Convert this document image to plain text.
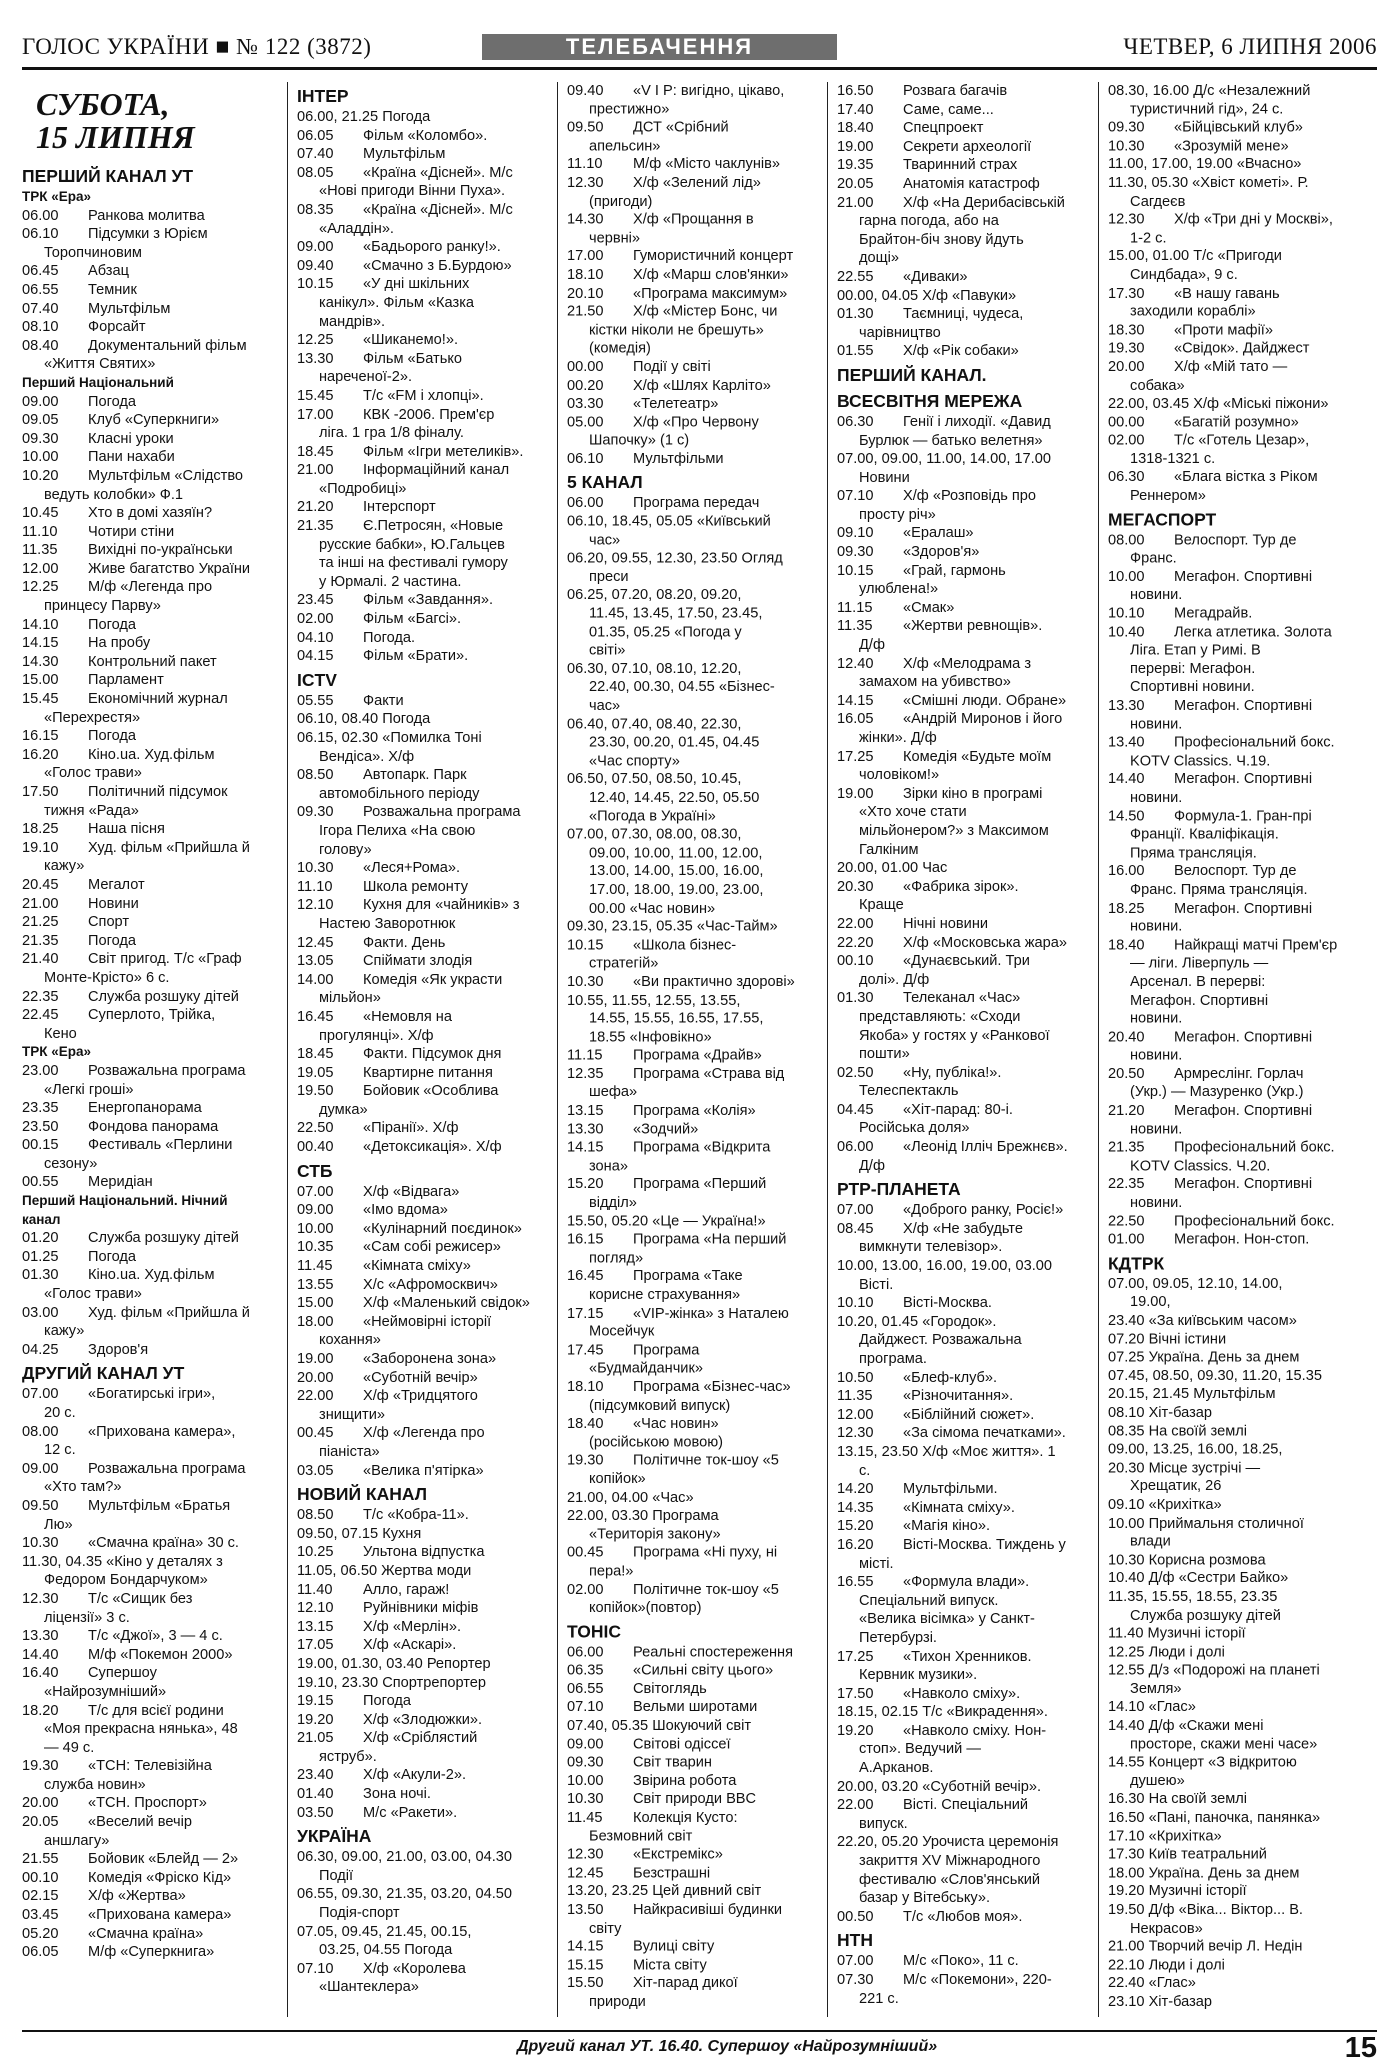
ГОЛОС УКРАЇНИ ■ № 122 (3872)	ТЕЛЕБАЧЕННЯ	ЧЕТВЕР, 6 ЛИПНЯ 2006
СУБОТА,
15 ЛИПНЯ
ПЕРШИЙ КАНАЛ УТ
ТРК «Ера»
06.00	Ранкова молитва
06.10	Підсумки з Юрієм
Торопчиновим
06.45	Абзац
06.55	Темник
07.40	Мультфільм
08.10	Форсайт
08.40	Документальний фільм
«Життя Святих»
Перший Національний
09.00	Погода
09.05	Клуб «Суперкниги»
09.30	Класні уроки
10.00	Пани нахаби
10.20	Мультфільм «Слідство
ведуть колобки» Ф.1
10.45	Хто в домі хазяїн?
11.10	Чотири стіни
11.35	Вихідні по-українськи
12.00	Живе багатство України
12.25	М/ф «Легенда про
принцесу Парву»
14.10	Погода
14.15	На пробу
14.30	Контрольний пакет
15.00	Парламент
15.45	Економічний журнал
«Перехрестя»
16.15	Погода
16.20	Кіно.ua. Худ.фільм
«Голос трави»
17.50	Політичний підсумок
тижня «Рада»
18.25	Наша пісня
19.10	Худ. фільм «Прийшла й
кажу»
20.45	Мегалот
21.00	Новини
21.25	Спорт
21.35	Погода
21.40	Світ пригод. Т/с «Граф
Монте-Крісто» 6 с.
22.35	Служба розшуку дітей
22.45	Суперлото, Трійка,
Кено
ТРК «Ера»
23.00	Розважальна програма
«Легкі гроші»
23.35	Енергопанорама
23.50	Фондова панорама
00.15	Фестиваль «Перлини
сезону»
00.55	Меридіан
Перший Національний. Нічний
канал
01.20	Служба розшуку дітей
01.25	Погода
01.30	Кіно.ua. Худ.фільм
«Голос трави»
03.00	Худ. фільм «Прийшла й
кажу»
04.25	Здоров'я
ДРУГИЙ КАНАЛ УТ
07.00	«Богатирські ігри»,
20 с.
08.00	«Прихована камера»,
12 с.
09.00	Розважальна програма
«Хто там?»
09.50	Мультфільм «Братья
Лю»
10.30	«Смачна країна» 30 с.
11.30, 04.35 «Кіно у деталях з
Федором Бондарчуком»
12.30	Т/с «Сищик без
ліцензії» 3 с.
13.30	Т/с «Джої», 3 — 4 с.
14.40	М/ф «Покемон 2000»
16.40	Супершоу
«Найрозумніший»
18.20	Т/с для всієї родини
«Моя прекрасна нянька», 48
— 49 с.
19.30	«ТСН: Телевізійна
служба новин»
20.00	«ТСН. Проспорт»
20.05	«Веселий вечір
аншлагу»
21.55	Бойовик «Блейд — 2»
00.10	Комедія «Фріско Кід»
02.15	Х/ф «Жертва»
03.45	«Прихована камера»
05.20	«Смачна країна»
06.05	М/ф «Суперкнига»
ІНТЕР
06.00, 21.25 Погода
06.05	Фільм «Коломбо».
07.40	Мультфільм
08.05	«Країна «Дісней». М/с
«Нові пригоди Вінни Пуха».
08.35	«Країна «Дісней». М/с
«Аладдін».
09.00	«Бадьорого ранку!».
09.40	«Смачно з Б.Бурдою»
10.15	«У дні шкільних
канікул». Фільм «Казка
мандрів».
12.25	«Шиканемо!».
13.30	Фільм «Батько
нареченої-2».
15.45	Т/с «FM і хлопці».
17.00	КВК -2006. Прем'єр
ліга. 1 гра 1/8 фіналу.
18.45	Фільм «Ігри метеликів».
21.00	Інформаційний канал
«Подробиці»
21.20	Інтерспорт
21.35	Є.Петросян, «Новые
русские бабки», Ю.Гальцев
та інші на фестивалі гумору
у Юрмалі. 2 частина.
23.45	Фільм «Завдання».
02.00	Фільм «Багсі».
04.10	Погода.
04.15	Фільм «Брати».
ICTV
05.55	Факти
06.10, 08.40 Погода
06.15, 02.30 «Помилка Тоні
Вендіса». Х/ф
08.50	Автопарк. Парк
автомобільного періоду
09.30	Розважальна програма
Ігора Пелиха «На свою
голову»
10.30	«Леся+Рома».
11.10	Школа ремонту
12.10	Кухня для «чайників» з
Настею Заворотнюк
12.45	Факти. День
13.05	Спіймати злодія
14.00	Комедія «Як украсти
мільйон»
16.45	«Немовля на
прогулянці». Х/ф
18.45	Факти. Підсумок дня
19.05	Квартирне питання
19.50	Бойовик «Особлива
думка»
22.50	«Піранії». Х/ф
00.40	«Детоксикація». Х/ф
СТБ
07.00	Х/ф «Відвага»
09.00	«Імо вдома»
10.00	«Кулінарний поєдинок»
10.35	«Сам собі режисер»
11.45	«Кімната сміху»
13.55	Х/с «Афромосквич»
15.00	Х/ф «Маленький свідок»
18.00	«Неймовірні історії
кохання»
19.00	«Заборонена зона»
20.00	«Суботній вечір»
22.00	Х/ф «Тридцятого
знищити»
00.45	Х/ф «Легенда про
піаніста»
03.05	«Велика п'ятірка»
НОВИЙ КАНАЛ
08.50	Т/с «Кобра-11».
09.50, 07.15 Кухня
10.25	Ультона відпустка
11.05, 06.50 Жертва моди
11.40	Алло, гараж!
12.10	Руйнівники міфів
13.15	Х/ф «Мерлін».
17.05	Х/ф «Аскарі».
19.00, 01.30, 03.40 Репортер
19.10, 23.30 Спортрепортер
19.15	Погода
19.20	Х/ф «Злодюжки».
21.05	Х/ф «Сріблястий
яструб».
23.40	Х/ф «Акули-2».
01.40	Зона ночі.
03.50	М/с «Ракети».
УКРАЇНА
06.30, 09.00, 21.00, 03.00, 04.30
Події
06.55, 09.30, 21.35, 03.20, 04.50
Подія-спорт
07.05, 09.45, 21.45, 00.15,
03.25, 04.55 Погода
07.10	Х/ф «Королева
«Шантеклера»
09.40	«V I P: вигідно, цікаво,
престижно»
09.50	ДСТ «Срібний
апельсин»
11.10	М/ф «Місто чаклунів»
12.30	Х/ф «Зелений лід»
(пригоди)
14.30	Х/ф «Прощання в
червні»
17.00	Гумористичний концерт
18.10	Х/ф «Марш слов'янки»
20.10	«Програма максимум»
21.50	Х/ф «Містер Бонс, чи
кістки ніколи не брешуть»
(комедія)
00.00	Події у світі
00.20	Х/ф «Шлях Карліто»
03.30	«Телетеатр»
05.00	Х/ф «Про Червону
Шапочку» (1 с)
06.10	Мультфільми
5 КАНАЛ
06.00	Програма передач
06.10, 18.45, 05.05 «Київський
час»
06.20, 09.55, 12.30, 23.50 Огляд
преси
06.25, 07.20, 08.20, 09.20,
11.45, 13.45, 17.50, 23.45,
01.35, 05.25 «Погода у
світі»
06.30, 07.10, 08.10, 12.20,
22.40, 00.30, 04.55 «Бізнес-
час»
06.40, 07.40, 08.40, 22.30,
23.30, 00.20, 01.45, 04.45
«Час спорту»
06.50, 07.50, 08.50, 10.45,
12.40, 14.45, 22.50, 05.50
«Погода в Україні»
07.00, 07.30, 08.00, 08.30,
09.00, 10.00, 11.00, 12.00,
13.00, 14.00, 15.00, 16.00,
17.00, 18.00, 19.00, 23.00,
00.00 «Час новин»
09.30, 23.15, 05.35 «Час-Тайм»
10.15	«Школа бізнес-
стратегій»
10.30	«Ви практично здорові»
10.55, 11.55, 12.55, 13.55,
14.55, 15.55, 16.55, 17.55,
18.55 «Інфовікно»
11.15	Програма «Драйв»
12.35	Програма «Страва від
шефа»
13.15	Програма «Колія»
13.30	«Зодчий»
14.15	Програма «Відкрита
зона»
15.20	Програма «Перший
відділ»
15.50, 05.20 «Це — Україна!»
16.15	Програма «На перший
погляд»
16.45	Програма «Таке
корисне страхування»
17.15	«VIP-жінка» з Наталею
Мосейчук
17.45	Програма
«Будмайданчик»
18.10	Програма «Бізнес-час»
(підсумковий випуск)
18.40	«Час новин»
(російською мовою)
19.30	Політичне ток-шоу «5
копійок»
21.00, 04.00 «Час»
22.00, 03.30 Програма
«Територія закону»
00.45	Програма «Ні пуху, ні
пера!»
02.00	Політичне ток-шоу «5
копійок»(повтор)
ТОНІС
06.00	Реальні спостереження
06.35	«Сильні світу цього»
06.55	Світоглядь
07.10	Вельми широтами
07.40, 05.35 Шокуючий світ
09.00	Світові одіссеї
09.30	Світ тварин
10.00	Звірина робота
10.30	Світ природи BBC
11.45	Колекція Кусто:
Безмовний світ
12.30	«Екстремікс»
12.45	Безстрашні
13.20, 23.25 Цей дивний світ
13.50	Найкрасивіші будинки
світу
14.15	Вулиці світу
15.15	Міста світу
15.50	Хіт-парад дикої
природи
16.50	Розвага багачів
17.40	Саме, саме...
18.40	Спецпроект
19.00	Секрети археології
19.35	Тваринний страх
20.05	Анатомія катастроф
21.00	Х/ф «На Дерибасівській
гарна погода, або на
Брайтон-біч знову йдуть
дощі»
22.55	«Диваки»
00.00, 04.05 Х/ф «Павуки»
01.30	Таємниці, чудеса,
чарівництво
01.55	Х/ф «Рік собаки»
ПЕРШИЙ КАНАЛ.
ВСЕСВІТНЯ МЕРЕЖА
06.30	Генії і лиходії. «Давид
Бурлюк — батько велетня»
07.00, 09.00, 11.00, 14.00, 17.00
Новини
07.10	Х/ф «Розповідь про
просту річ»
09.10	«Ералаш»
09.30	«Здоров'я»
10.15	«Грай, гармонь
улюблена!»
11.15	«Смак»
11.35	«Жертви ревнощів».
Д/ф
12.40	Х/ф «Мелодрама з
замахом на убивство»
14.15	«Смішні люди. Обране»
16.05	«Андрій Миронов і його
жінки». Д/ф
17.25	Комедія «Будьте моїм
чоловіком!»
19.00	Зірки кіно в програмі
«Хто хоче стати
мільйонером?» з Максимом
Галкіним
20.00, 01.00 Час
20.30	«Фабрика зірок».
Краще
22.00	Нічні новини
22.20	Х/ф «Московська жара»
00.10	«Дунаєвський. Три
долі». Д/ф
01.30	Телеканал «Час»
представляють: «Сходи
Якоба» у гостях у «Ранкової
пошти»
02.50	«Ну, публіка!».
Телеспектакль
04.45	«Хіт-парад: 80-і.
Російська доля»
06.00	«Леонід Ілліч Брежнєв».
Д/ф
РТР-ПЛАНЕТА
07.00	«Доброго ранку, Росіє!»
08.45	Х/ф «Не забудьте
вимкнути телевізор».
10.00, 13.00, 16.00, 19.00, 03.00
Вісті.
10.10	Вісті-Москва.
10.20, 01.45 «Городок».
Дайджест. Розважальна
програма.
10.50	«Блеф-клуб».
11.35	«Різночитання».
12.00	«Біблійний сюжет».
12.30	«За сімома печатками».
13.15, 23.50 Х/ф «Моє життя». 1
с.
14.20	Мультфільми.
14.35	«Кімната сміху».
15.20	«Магія кіно».
16.20	Вісті-Москва. Тиждень у
місті.
16.55	«Формула влади».
Спеціальний випуск.
«Велика вісімка» у Санкт-
Петербурзі.
17.25	«Тихон Хренников.
Кервник музики».
17.50	«Навколо сміху».
18.15, 02.15 Т/с «Викрадення».
19.20	«Навколо сміху. Нон-
стоп». Ведучий —
А.Арканов.
20.00, 03.20 «Суботній вечір».
22.00	Вісті. Спеціальний
випуск.
22.20, 05.20 Урочиста церемонія
закриття XV Міжнародного
фестивалю «Слов'янський
базар у Вітебську».
00.50	Т/с «Любов моя».
НТН
07.00	М/с «Поко», 11 с.
07.30	М/с «Покемони», 220-
221 с.
08.30, 16.00 Д/с «Незалежний
туристичний гід», 24 с.
09.30	«Бійцівський клуб»
10.30	«Зрозумій мене»
11.00, 17.00, 19.00 «Вчасно»
11.30, 05.30 «Хвіст кометі». Р.
Сагдеєв
12.30	Х/ф «Три дні у Москві»,
1-2 с.
15.00, 01.00 Т/с «Пригоди
Синдбада», 9 с.
17.30	«В нашу гавань
заходили кораблі»
18.30	«Проти мафії»
19.30	«Свідок». Дайджест
20.00	Х/ф «Мій тато —
собака»
22.00, 03.45 Х/ф «Міські піжони»
00.00	«Багатій розумно»
02.00	Т/с «Готель Цезар»,
1318-1321 с.
06.30	«Блага вістка з Ріком
Реннером»
МЕГАСПОРТ
08.00	Велоспорт. Тур де
Франс.
10.00	Мегафон. Спортивні
новини.
10.10	Мегадрайв.
10.40	Легка атлетика. Золота
Ліга. Етап у Римі. В
перерві: Мегафон.
Спортивні новини.
13.30	Мегафон. Спортивні
новини.
13.40	Професіональний бокс.
KOTV Classics. Ч.19.
14.40	Мегафон. Спортивні
новини.
14.50	Формула-1. Гран-прі
Франції. Кваліфікація.
Пряма трансляція.
16.00	Велоспорт. Тур де
Франс. Пряма трансляція.
18.25	Мегафон. Спортивні
новини.
18.40	Найкращі матчі Прем'єр
— ліги. Ліверпуль —
Арсенал. В перерві:
Мегафон. Спортивні
новини.
20.40	Мегафон. Спортивні
новини.
20.50	Армреслінг. Горлач
(Укр.) — Мазуренко (Укр.)
21.20	Мегафон. Спортивні
новини.
21.35	Професіональний бокс.
KOTV Classics. Ч.20.
22.35	Мегафон. Спортивні
новини.
22.50	Професіональний бокс.
01.00	Мегафон. Нон-стоп.
КДТРК
07.00, 09.05, 12.10, 14.00,
19.00,
23.40 «За київським часом»
07.20 Вічні істини
07.25 Україна. День за днем
07.45, 08.50, 09.30, 11.20, 15.35
20.15, 21.45 Мультфільм
08.10 Хіт-базар
08.35 На своїй землі
09.00, 13.25, 16.00, 18.25,
20.30 Місце зустрічі —
Хрещатик, 26
09.10 «Крихітка»
10.00 Приймальня столичної
влади
10.30 Корисна розмова
10.40 Д/ф «Сестри Байко»
11.35, 15.55, 18.55, 23.35
Служба розшуку дітей
11.40 Музичні історії
12.25 Люди і долі
12.55 Д/з «Подорожі на планеті
Земля»
14.10 «Глас»
14.40 Д/ф «Скажи мені
просторе, скажи мені часе»
14.55 Концерт «З відкритою
душею»
16.30 На своїй землі
16.50 «Пані, паночка, панянка»
17.10 «Крихітка»
17.30 Київ театральний
18.00 Україна. День за днем
19.20 Музичні історії
19.50 Д/ф «Віка... Віктор... В.
Некрасов»
21.00 Творчий вечір Л. Недін
22.10 Люди і долі
22.40 «Глас»
23.10 Хіт-базар
Другий канал УТ. 16.40. Супершоу «Найрозумніший»	15
